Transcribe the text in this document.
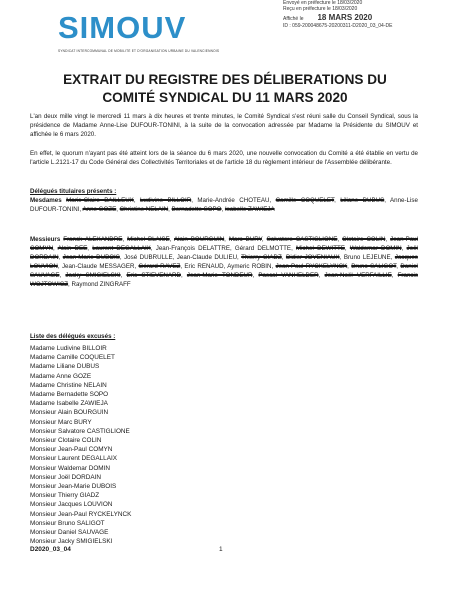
SIMOUV
SYNDICAT INTERCOMMUNAL DE MOBILITÉ ET D'ORGANISATION URBAINE DU VALENCIENNOIS
Envoyé en préfecture le 18/03/2020
Reçu en préfecture le 18/03/2020
Affiché le 18 MARS 2020
ID : 059-200048675-20200311-D2020_03_04-DE
EXTRAIT DU REGISTRE DES DÉLIBERATIONS DU
COMITÉ SYNDICAL DU 11 MARS 2020
L'an deux mille vingt le mercredi 11 mars à dix heures et trente minutes, le Comité Syndical s'est réuni salle du Conseil Syndical, sous la présidence de Madame Anne-Lise DUFOUR-TONINI, à la suite de la convocation adressée par Madame la Présidente du SIMOUV et affichée le 6 mars 2020.
En effet, le quorum n'ayant pas été atteint lors de la séance du 6 mars 2020, une nouvelle convocation du Comité a été établie en vertu de l'article L.2121-17 du Code Général des Collectivités Territoriales et de l'article 18 du règlement intérieur de l'Assemblée délibérante.
Délégués titulaires présents :
Mesdames Marie-Claire BAILLEUX, Ludivine BILLOIR, Marie-Andrée CHOTEAU, Camille COQUELET, Liliane DUBUS, Anne-Lise DUFOUR-TONINI, Anne GOZE, Christine NELAIN, Bernadette SOPO, Isabelle ZAWIEJA
Messieurs Franck ALEXANDRE, Michel BLAISE, Alain BOURGUIN, Marc BURY, Salvatore CASTIGLIONE, Clotaire COLIN, Jean-Paul COMYN, Alain DEE, Laurent DEGALLAIX, Jean-François DELATTRE, Gérard DELMOTTE, Michel DEWITTE, Waldemar DOMIN, Joël DORDAIN, Jean-Marie DUBOIS, José DUBRULLE, Jean-Claude DULIEU, Thierry GIADZ, Didier JOVENIAUX, Bruno LEJEUNE, Jacques LOUVION, Jean-Claude MESSAGER, Gérard RAVEZ, Eric RENAUD, Aymeric ROBIN, Jean-Paul RYCKELYNCK, Bruno SALIGOT, Daniel SAUVAGE, Jacky SMIGIELSKI, Eric STIEVENARD, Jean-Marie TONDEUR, Pascal VANHELDER, Jean-Noël VERFAILLIE, Francis WOJTOWICZ, Raymond ZINGRAFF
Liste des délégués excusés :
Madame Ludivine BILLOIR
Madame Camille COQUELET
Madame Liliane DUBUS
Madame Anne GOZE
Madame Christine NELAIN
Madame Bernadette SOPO
Madame Isabelle ZAWIEJA
Monsieur Alain BOURGUIN
Monsieur Marc BURY
Monsieur Salvatore CASTIGLIONE
Monsieur Clotaire COLIN
Monsieur Jean-Paul COMYN
Monsieur Laurent DEGALLAIX
Monsieur Waldemar DOMIN
Monsieur Joël DORDAIN
Monsieur Jean-Marie DUBOIS
Monsieur Thierry GIADZ
Monsieur Jacques LOUVION
Monsieur Jean-Paul RYCKELYNCK
Monsieur Bruno SALIGOT
Monsieur Daniel SAUVAGE
Monsieur Jacky SMIGIELSKI
D2020_03_04	1
